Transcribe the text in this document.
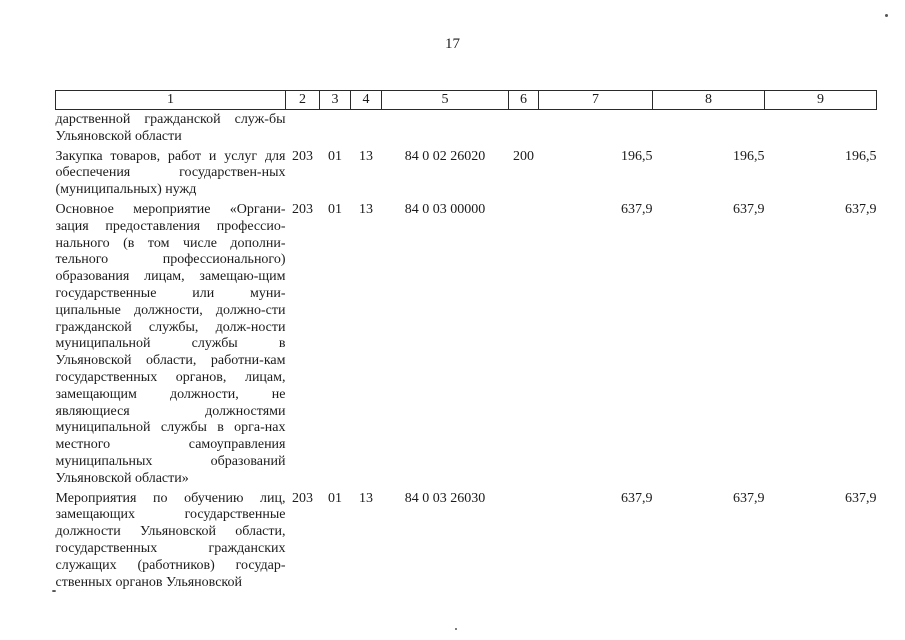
17
1	2	3	4	5	6	7	8	9
дарственной гражданской служ-бы Ульяновской области								
Закупка товаров, работ и услуг для обеспечения государствен-ных (муниципальных) нужд	203	01	13	84 0 02 26020	200	196,5	196,5	196,5
Основное мероприятие «Органи-зация предоставления профессио-нального (в том числе дополни-тельного профессионального) образования лицам, замещаю-щим государственные или муни-ципальные должности, должно-сти гражданской службы, долж-ности муниципальной службы в Ульяновской области, работни-кам государственных органов, лицам, замещающим должности, не являющиеся должностями муниципальной службы в орга-нах местного самоуправления муниципальных образований Ульяновской области»	203	01	13	84 0 03 00000		637,9	637,9	637,9
Мероприятия по обучению лиц, замещающих государственные должности Ульяновской области, государственных гражданских служащих (работников) государ-ственных органов Ульяновской	203	01	13	84 0 03 26030		637,9	637,9	637,9
